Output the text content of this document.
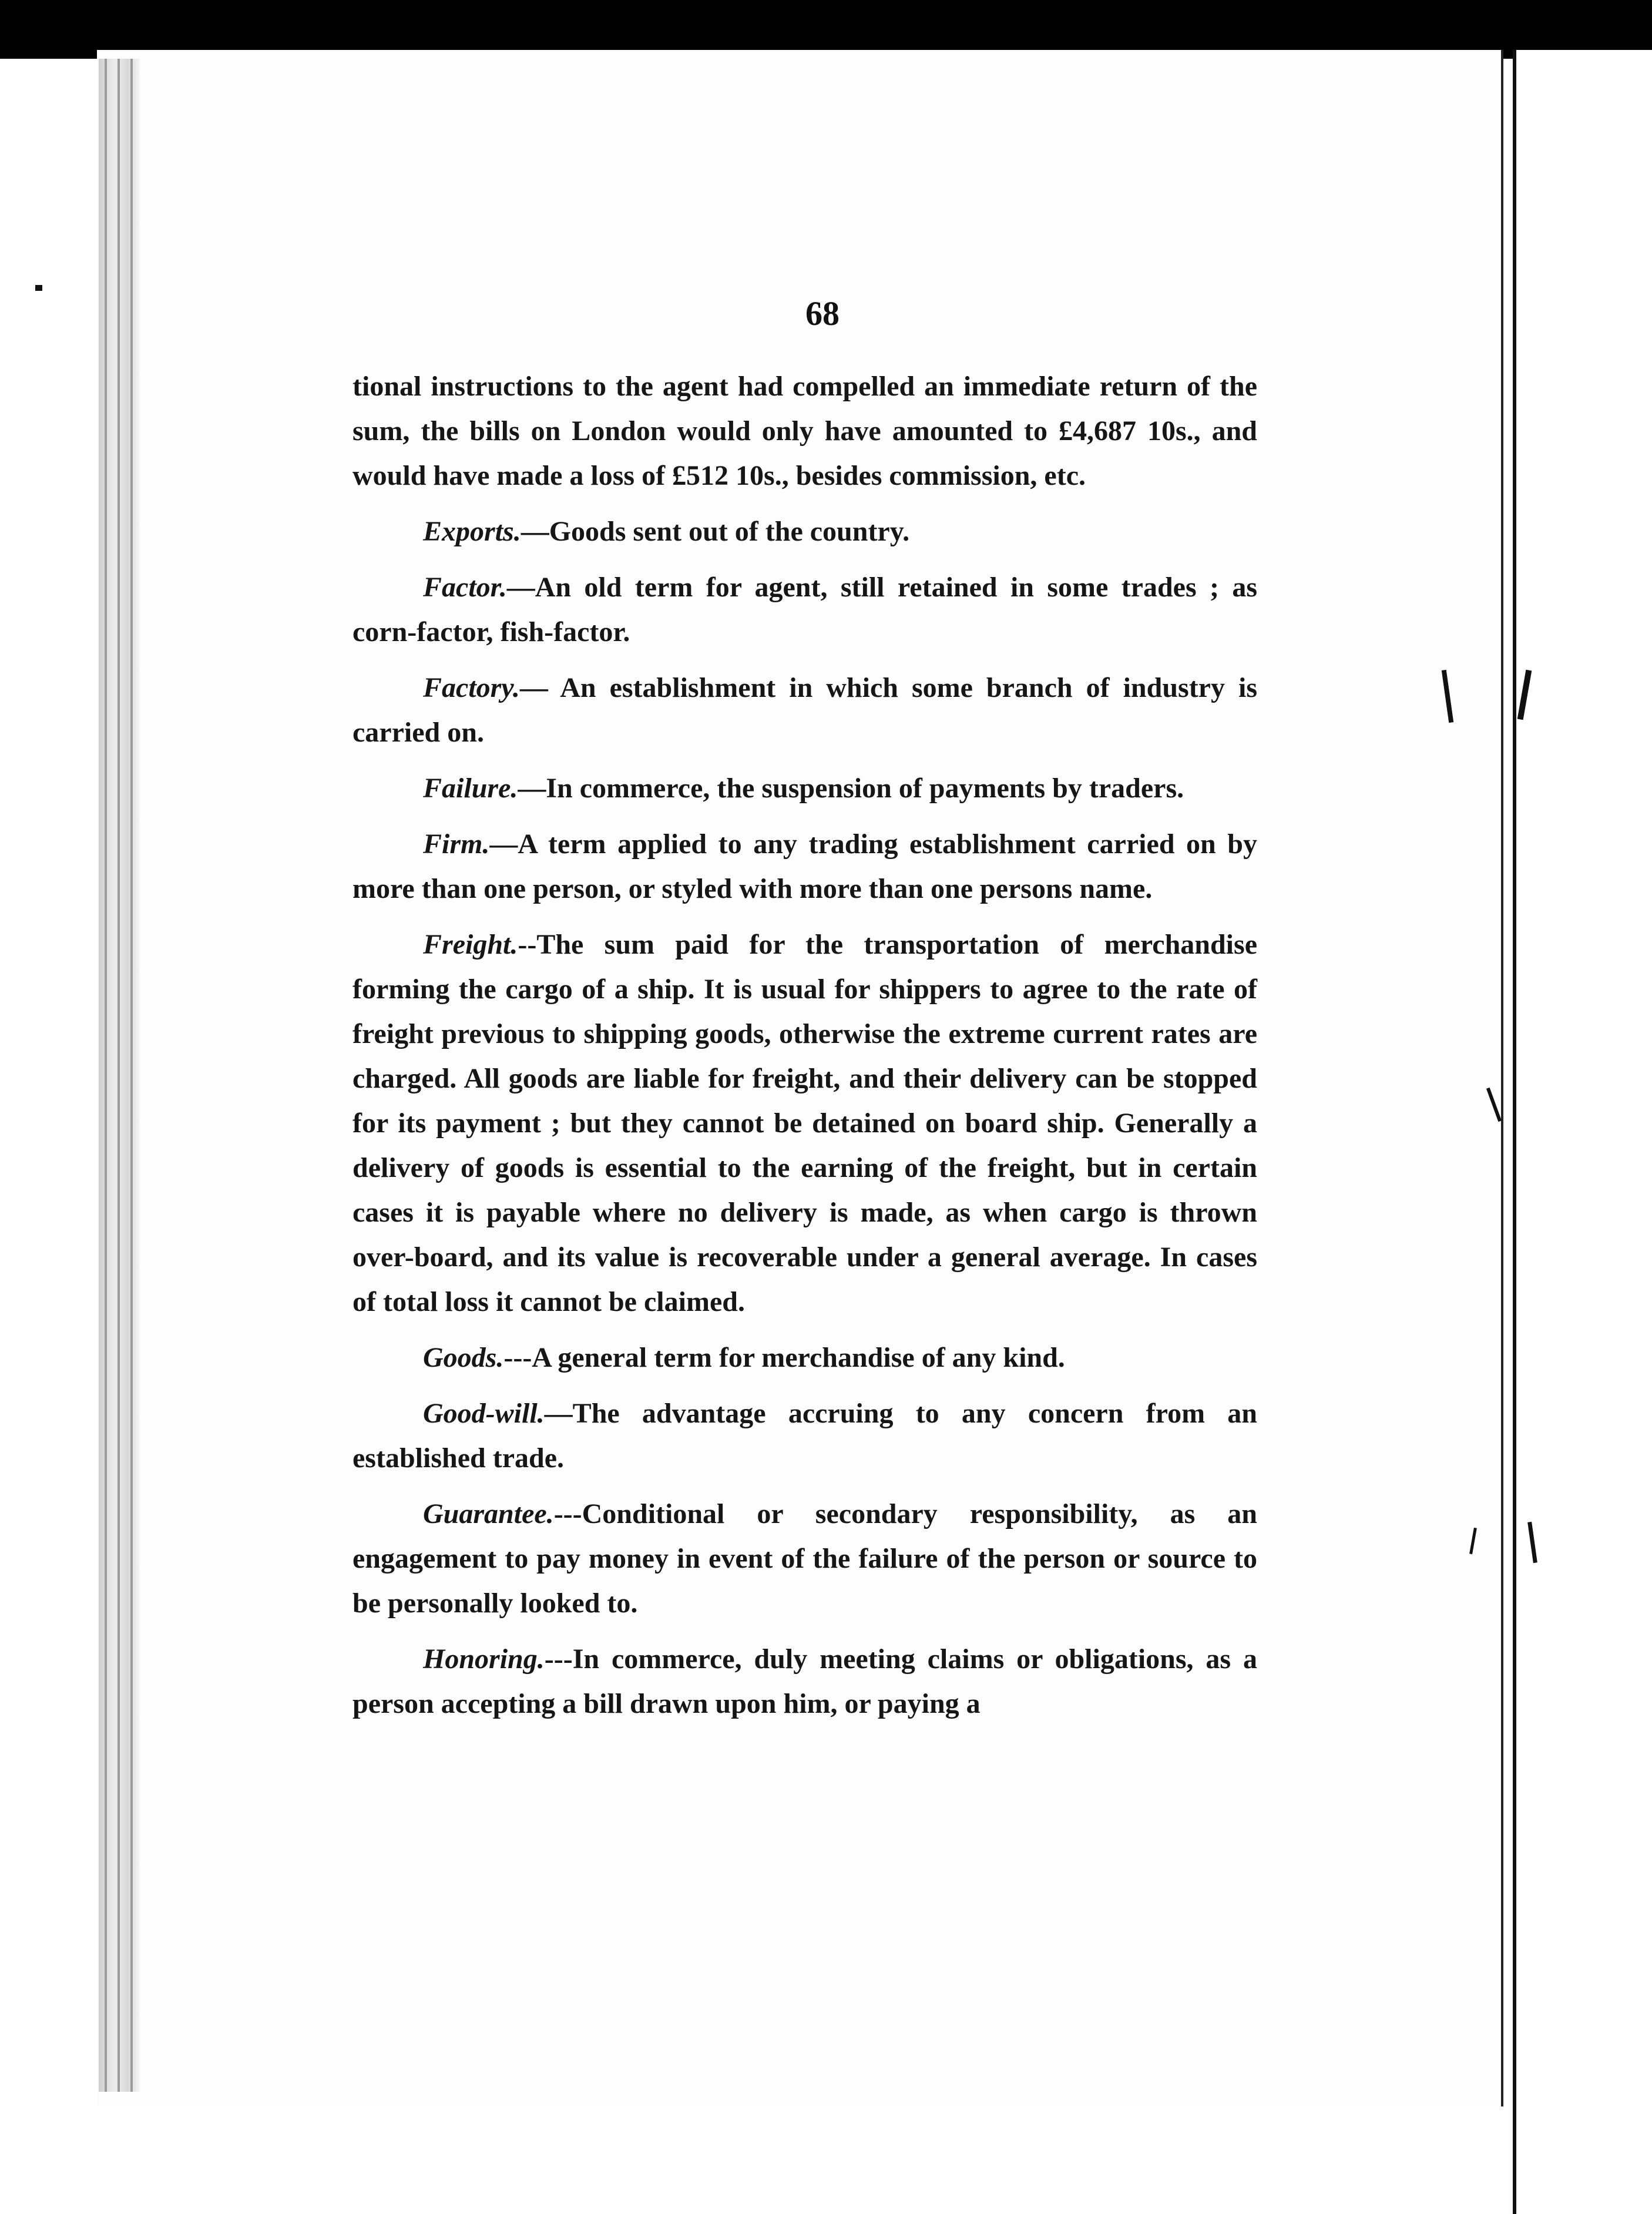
68

tional instructions to the agent had compelled an immediate return of the sum, the bills on London would only have amounted to £4,687 10s., and would have made a loss of £512 10s., besides commission, etc.

Exports.—Goods sent out of the country.

Factor.—An old term for agent, still retained in some trades ; as corn-factor, fish-factor.

Factory.— An establishment in which some branch of industry is carried on.

Failure.—In commerce, the suspension of payments by traders.

Firm.—A term applied to any trading establishment carried on by more than one person, or styled with more than one persons name.

Freight.--The sum paid for the transportation of merchandise forming the cargo of a ship. It is usual for shippers to agree to the rate of freight previous to shipping goods, otherwise the extreme current rates are charged. All goods are liable for freight, and their delivery can be stopped for its payment ; but they cannot be detained on board ship. Generally a delivery of goods is essential to the earning of the freight, but in certain cases it is payable where no delivery is made, as when cargo is thrown over-board, and its value is recoverable under a general average. In cases of total loss it cannot be claimed.

Goods.---A general term for merchandise of any kind.

Good-will.—The advantage accruing to any concern from an established trade.

Guarantee.---Conditional or secondary responsibility, as an engagement to pay money in event of the failure of the person or source to be personally looked to.

Honoring.---In commerce, duly meeting claims or obligations, as a person accepting a bill drawn upon him, or paying a
